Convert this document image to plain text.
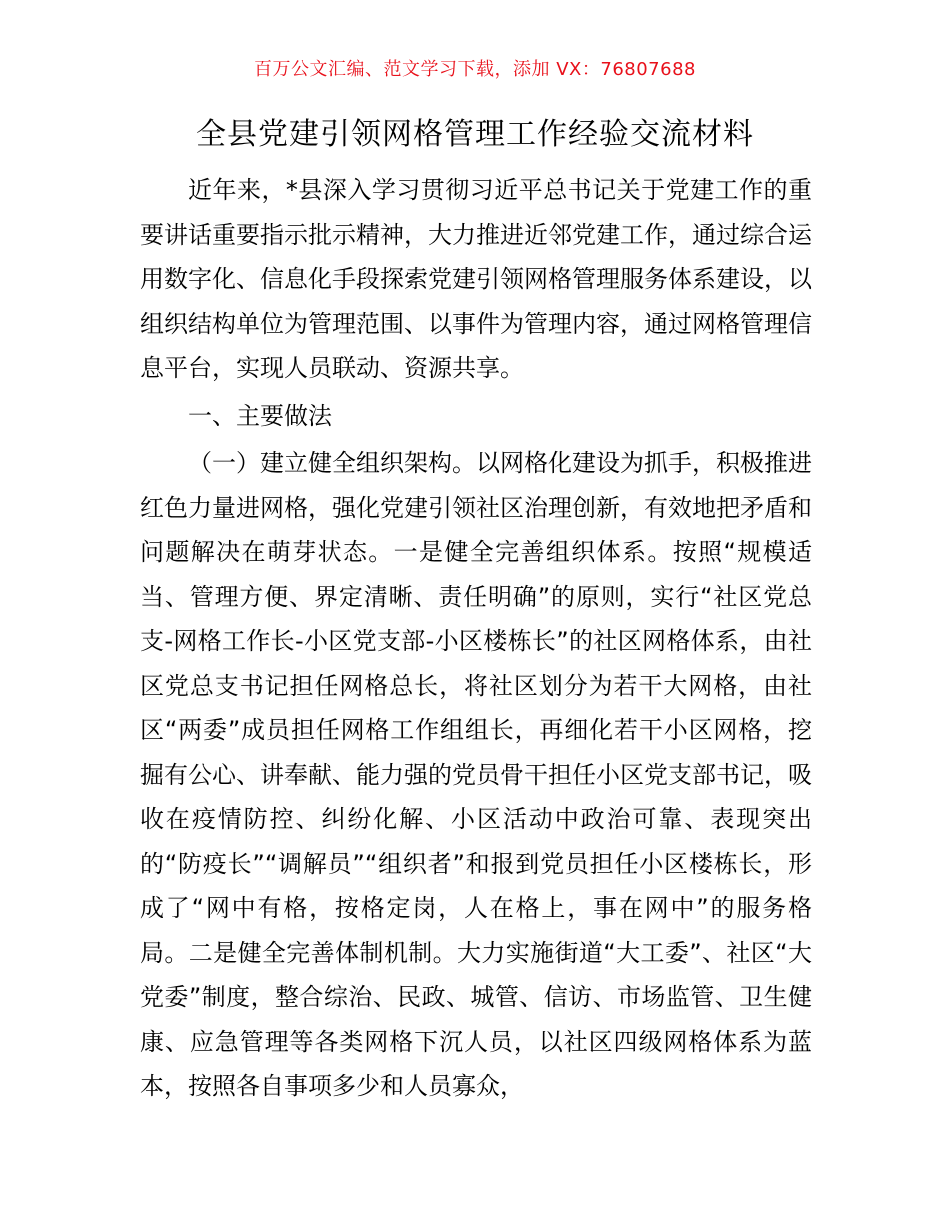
百万公文汇编、范文学习下载，添加 VX：76807688
全县党建引领网格管理工作经验交流材料

近年来，*县深入学习贯彻习近平总书记关于党建工作的重要讲话重要指示批示精神，大力推进近邻党建工作，通过综合运用数字化、信息化手段探索党建引领网格管理服务体系建设，以组织结构单位为管理范围、以事件为管理内容，通过网格管理信息平台，实现人员联动、资源共享。

一、主要做法

（一）建立健全组织架构。以网格化建设为抓手，积极推进红色力量进网格，强化党建引领社区治理创新，有效地把矛盾和问题解决在萌芽状态。一是健全完善组织体系。按照“规模适当、管理方便、界定清晰、责任明确”的原则，实行“社区党总支-网格工作长-小区党支部-小区楼栋长”的社区网格体系，由社区党总支书记担任网格总长，将社区划分为若干大网格，由社区“两委”成员担任网格工作组组长，再细化若干小区网格，挖掘有公心、讲奉献、能力强的党员骨干担任小区党支部书记，吸收在疫情防控、纠纷化解、小区活动中政治可靠、表现突出的“防疫长”“调解员”“组织者”和报到党员担任小区楼栋长，形成了“网中有格，按格定岗，人在格上，事在网中”的服务格局。二是健全完善体制机制。大力实施街道“大工委”、社区“大党委”制度，整合综治、民政、城管、信访、市场监管、卫生健康、应急管理等各类网格下沉人员，以社区四级网格体系为蓝本，按照各自事项多少和人员寡众，
